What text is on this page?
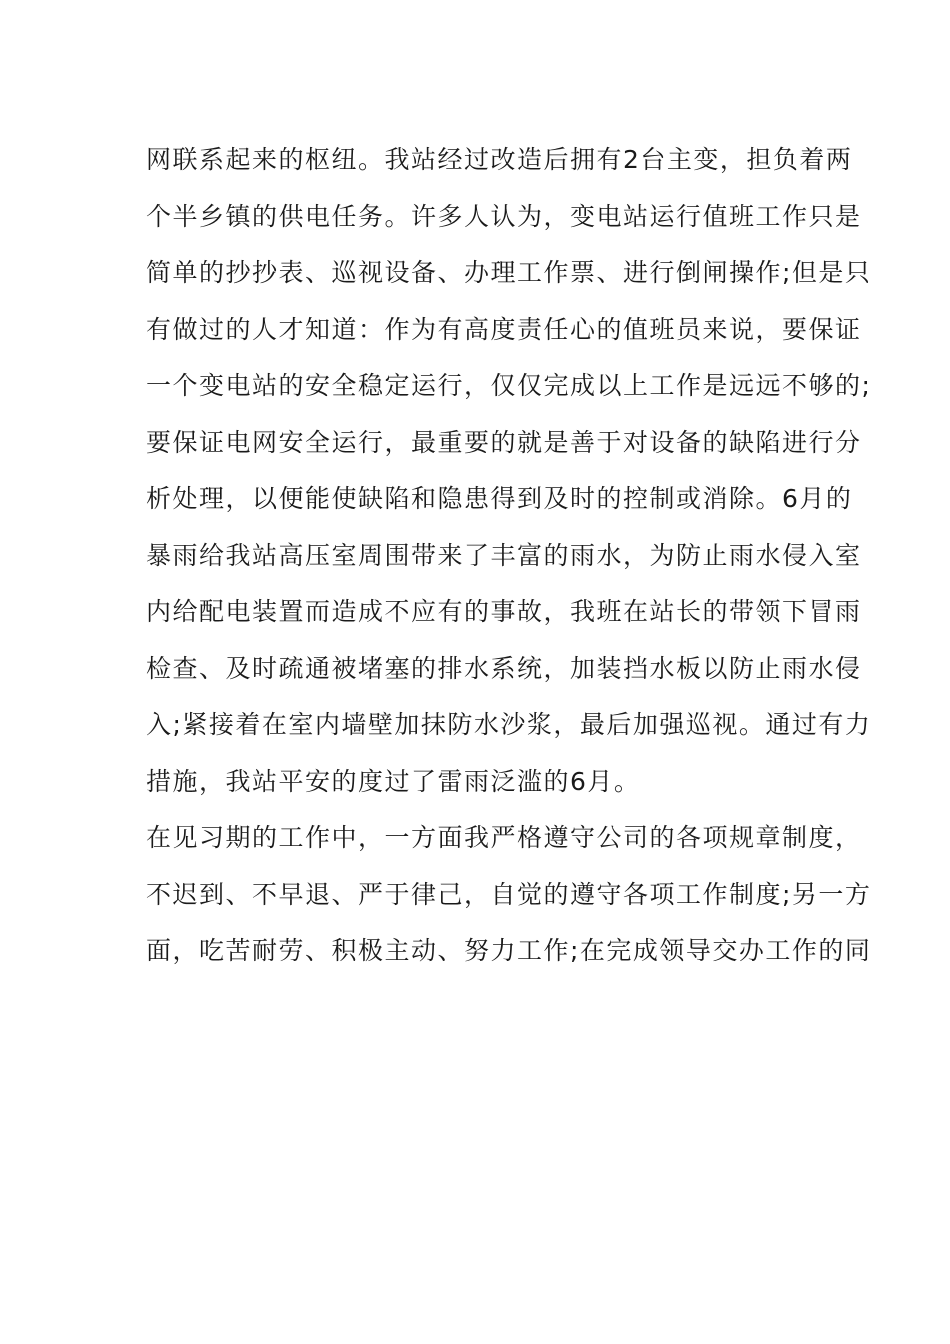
网联系起来的枢纽。我站经过改造后拥有2台主变，担负着两
个半乡镇的供电任务。许多人认为，变电站运行值班工作只是
简单的抄抄表、巡视设备、办理工作票、进行倒闸操作;但是只
有做过的人才知道：作为有高度责任心的值班员来说，要保证
一个变电站的安全稳定运行，仅仅完成以上工作是远远不够的;
要保证电网安全运行，最重要的就是善于对设备的缺陷进行分
析处理，以便能使缺陷和隐患得到及时的控制或消除。6月的
暴雨给我站高压室周围带来了丰富的雨水，为防止雨水侵入室
内给配电装置而造成不应有的事故，我班在站长的带领下冒雨
检查、及时疏通被堵塞的排水系统，加装挡水板以防止雨水侵
入;紧接着在室内墙壁加抹防水沙浆，最后加强巡视。通过有力
措施，我站平安的度过了雷雨泛滥的6月。
在见习期的工作中，一方面我严格遵守公司的各项规章制度，
不迟到、不早退、严于律己，自觉的遵守各项工作制度;另一方
面，吃苦耐劳、积极主动、努力工作;在完成领导交办工作的同
